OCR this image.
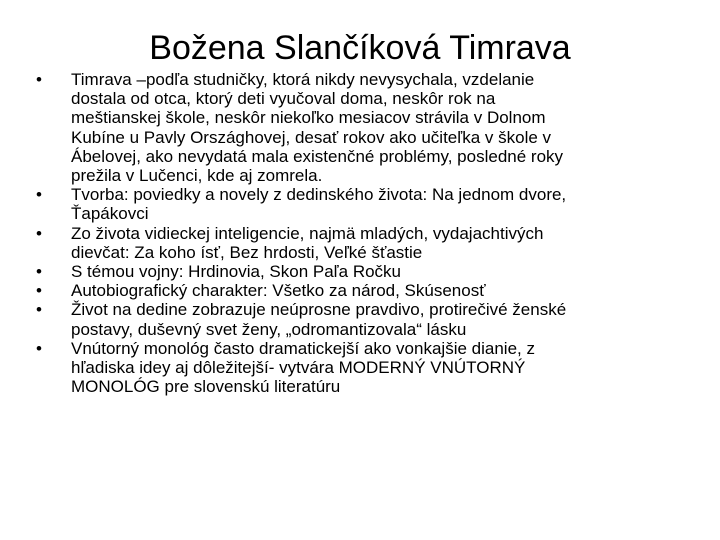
Božena Slančíková Timrava
•	Timrava –podľa studničky, ktorá nikdy nevysychala, vzdelanie
dostala od otca, ktorý deti vyučoval doma, neskôr rok na
meštianskej škole, neskôr niekoľko mesiacov strávila v Dolnom
Kubíne u Pavly Országhovej, desať rokov ako učiteľka v škole v
Ábelovej, ako nevydatá mala existenčné problémy, posledné roky
prežila v Lučenci, kde aj zomrela.
•	Tvorba: poviedky a novely z dedinského života: Na jednom dvore,
Ťapákovci
•	Zo života vidieckej inteligencie, najmä mladých, vydajachtivých
dievčat: Za koho ísť, Bez hrdosti, Veľké šťastie
•	S témou vojny: Hrdinovia, Skon Paľa Ročku
•	Autobiografický charakter: Všetko za národ, Skúsenosť
•	Život na dedine zobrazuje neúprosne pravdivo, protirečivé ženské
postavy, duševný svet ženy, „odromantizovala“ lásku
•	Vnútorný monológ často dramatickejší ako vonkajšie dianie, z
hľadiska idey aj dôležitejší- vytvára MODERNÝ VNÚTORNÝ
MONOLÓG pre slovenskú literatúru
